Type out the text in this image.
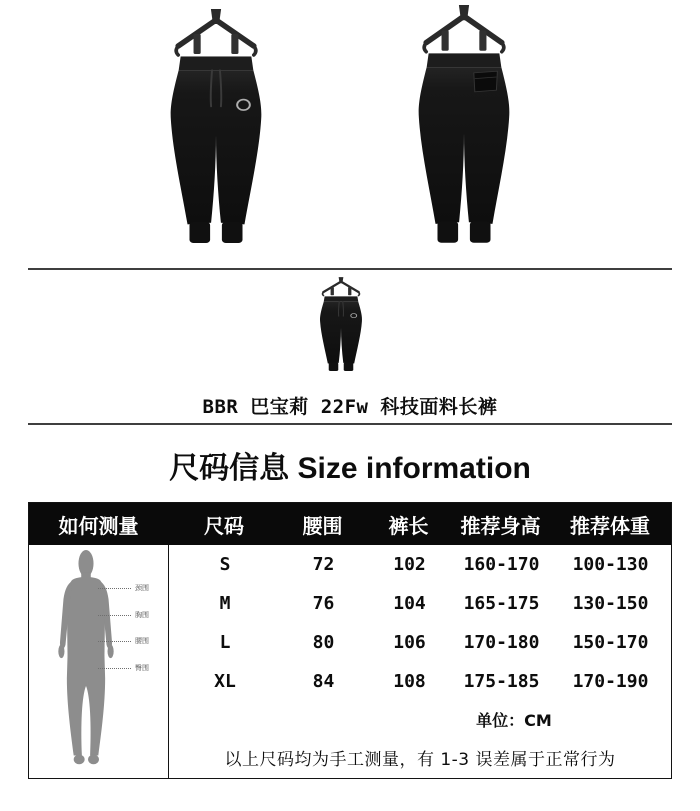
BBR 巴宝莉 22Fw 科技面料长裤
尺码信息 Size information
如何测量	尺码	腰围	裤长	推荐身高	推荐体重
颈围
胸围
腰围
臀围
S	72	102	160-170	100-130
M	76	104	165-175	130-150
L	80	106	170-180	150-170
XL	84	108	175-185	170-190
单位：CM
以上尺码均为手工测量，有 1-3 误差属于正常行为
